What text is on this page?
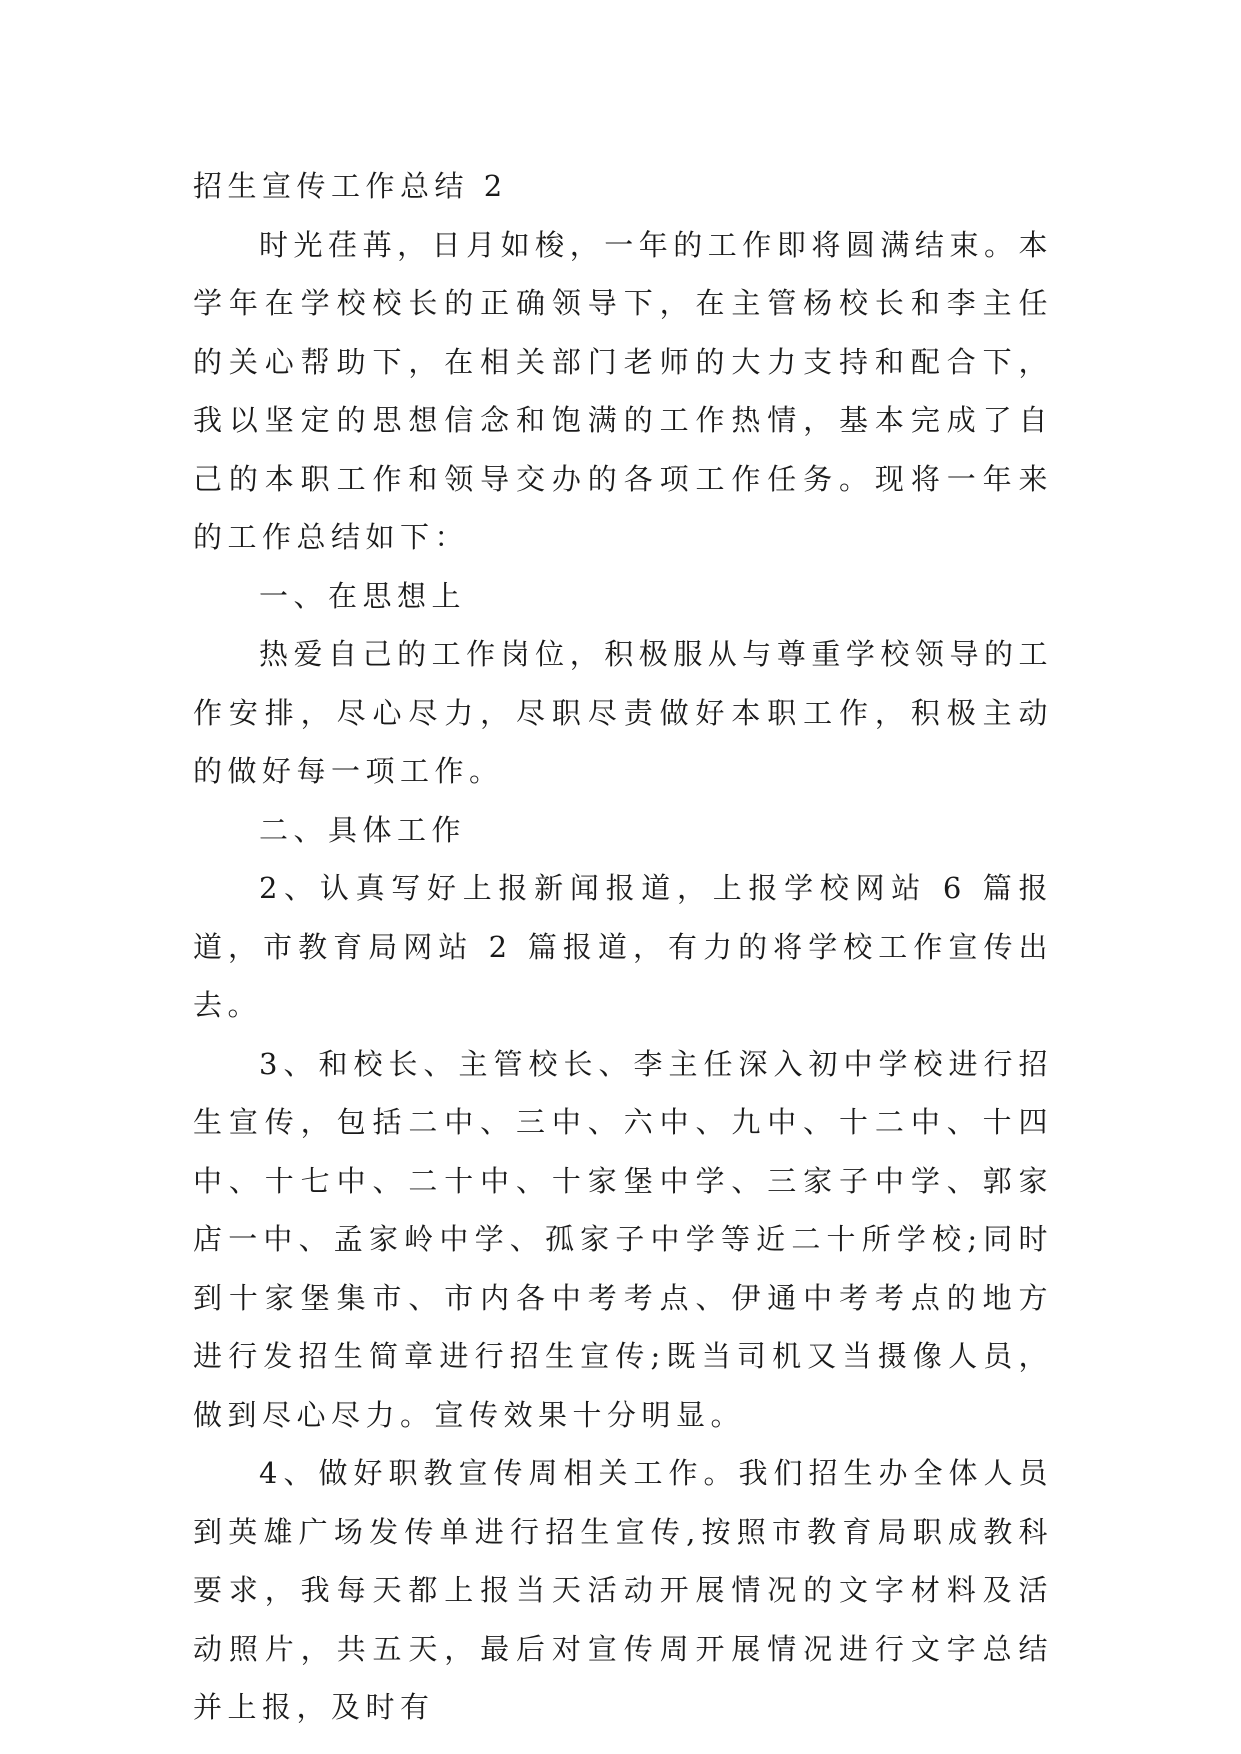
招生宣传工作总结 2

时光荏苒，日月如梭，一年的工作即将圆满结束。本学年在学校校长的正确领导下，在主管杨校长和李主任的关心帮助下，在相关部门老师的大力支持和配合下，我以坚定的思想信念和饱满的工作热情，基本完成了自己的本职工作和领导交办的各项工作任务。现将一年来的工作总结如下：

一、在思想上

热爱自己的工作岗位，积极服从与尊重学校领导的工作安排，尽心尽力，尽职尽责做好本职工作，积极主动的做好每一项工作。

二、具体工作

2、认真写好上报新闻报道，上报学校网站 6 篇报道，市教育局网站 2 篇报道，有力的将学校工作宣传出去。

3、和校长、主管校长、李主任深入初中学校进行招生宣传，包括二中、三中、六中、九中、十二中、十四中、十七中、二十中、十家堡中学、三家子中学、郭家店一中、孟家岭中学、孤家子中学等近二十所学校;同时到十家堡集市、市内各中考考点、伊通中考考点的地方进行发招生简章进行招生宣传;既当司机又当摄像人员，做到尽心尽力。宣传效果十分明显。

4、做好职教宣传周相关工作。我们招生办全体人员到英雄广场发传单进行招生宣传,按照市教育局职成教科要求，我每天都上报当天活动开展情况的文字材料及活动照片，共五天，最后对宣传周开展情况进行文字总结并上报，及时有
